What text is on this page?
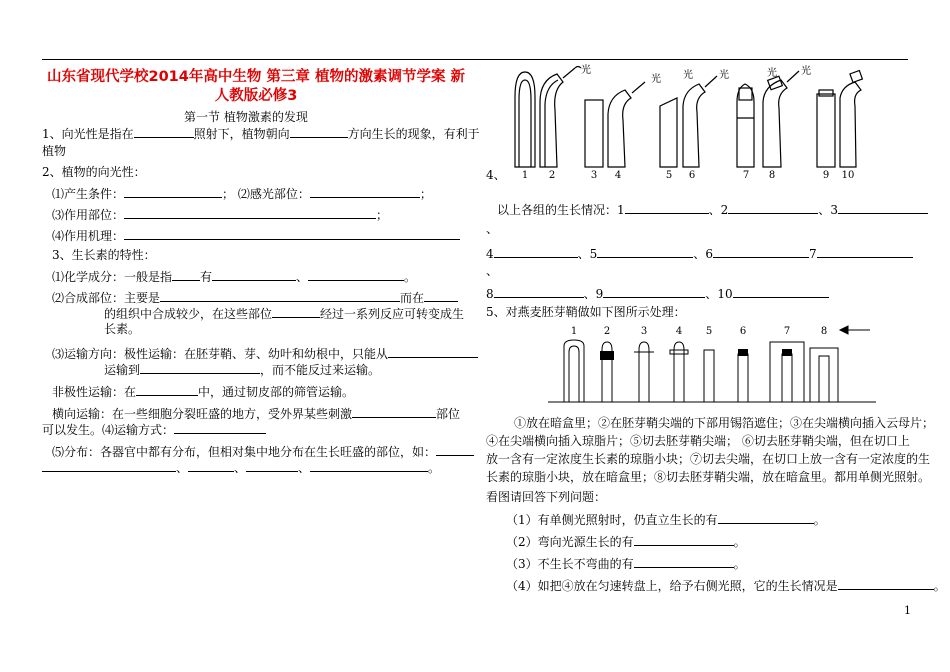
山东省现代学校2014年高中生物 第三章 植物的激素调节学案 新人教版必修3
第一节 植物激素的发现
1、向光性是指在	照射下，植物朝向	方向生长的现象，有利于
植物
2、植物的向光性：
⑴产生条件：	； ⑵感光部位：	；
⑶作用部位：	；
⑷作用机理：
3、生长素的特性：
⑴化学成分：一般是指 有	、	。
⑵合成部位：主要是	而在
的组织中合成较少，在这些部位	经过一系列反应可转变成生
长素。
⑶运输方向：极性运输：在胚芽鞘、芽、幼叶和幼根中，只能从
运输到	，而不能反过来运输。
非极性运输：在	中，通过韧皮部的筛管运输。
横向运输：在一些细胞分裂旺盛的地方，受外界某些刺激	部位
可以发生。⑷运输方式：
⑸分布：各器官中都有分布，但相对集中地分布在生长旺盛的部位，如：
、	、	、	。
4、
光
光 光	光	光 光
1 2	3 4	5 6	7 8	9 10
以上各组的生长情况：1	、2	、3
、
4	、5	、6	7
、
8	、9	、10
5、对燕麦胚芽鞘做如下图所示处理：
1	2	3	4 5	6	7	8
①放在暗盒里；②在胚芽鞘尖端的下部用锡箔遮住；③在尖端横向插入云母片；
④在尖端横向插入琼脂片；⑤切去胚芽鞘尖端； ⑥切去胚芽鞘尖端，但在切口上
放一含有一定浓度生长素的琼脂小块；⑦切去尖端，在切口上放一含有一定浓度的生
长素的琼脂小块，放在暗盒里；⑧切去胚芽鞘尖端，放在暗盒里。都用单侧光照射。
看图请回答下列问题：
（1）有单侧光照射时，仍直立生长的有	。
（2）弯向光源生长的有	。
（3）不生长不弯曲的有	。
（4）如把④放在匀速转盘上，给予右侧光照，它的生长情况是	。
1
